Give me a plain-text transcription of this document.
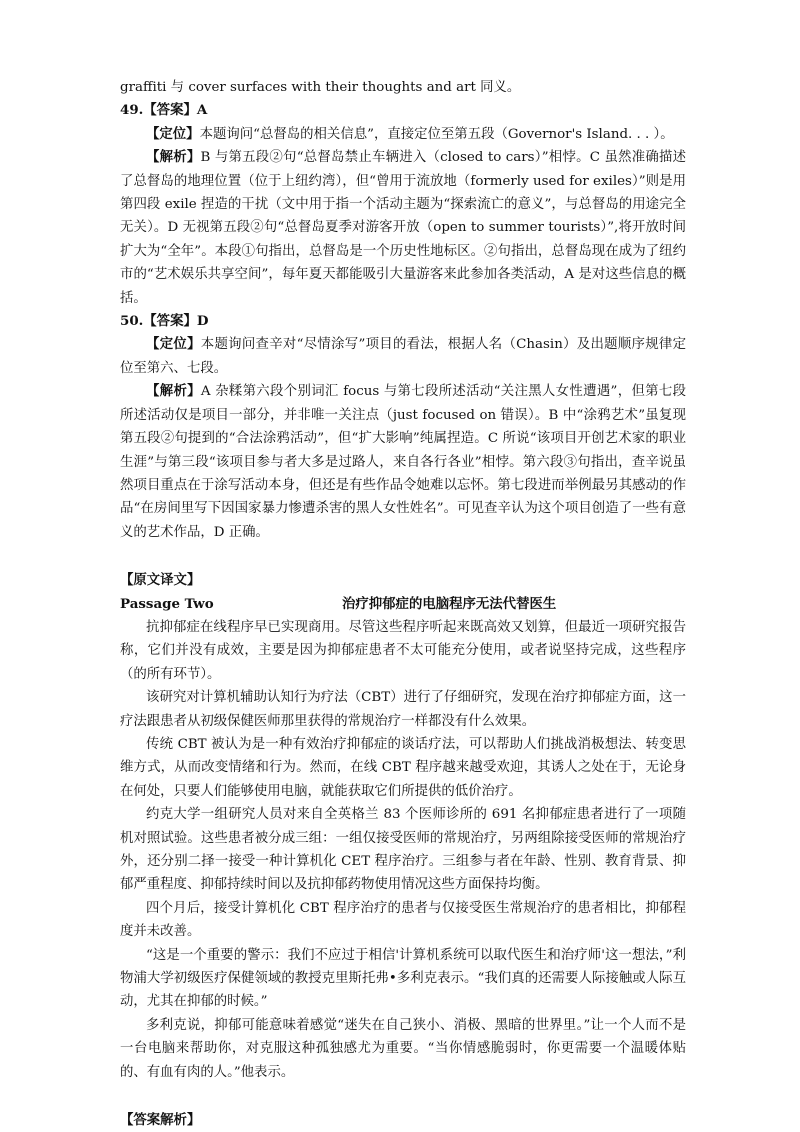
graffiti 与 cover surfaces with their thoughts and art 同义。

49.【答案】A

【定位】本题询问“总督岛的相关信息”，直接定位至第五段（Governor's Island. . . ）。

【解析】B 与第五段②句“总督岛禁止车辆进入（closed to cars）”相悖。C 虽然准确描述了总督岛的地理位置（位于上纽约湾），但“曾用于流放地（formerly used for exiles）”则是用第四段 exile 捏造的干扰（文中用于指一个活动主题为“探索流亡的意义”，与总督岛的用途完全无关）。D 无视第五段②句“总督岛夏季对游客开放（open to summer tourists）”,将开放时间扩大为“全年”。本段①句指出，总督岛是一个历史性地标区。②句指出，总督岛现在成为了纽约市的“艺术娱乐共享空间”，每年夏天都能吸引大量游客来此参加各类活动，A 是对这些信息的概括。

50.【答案】D

【定位】本题询问查辛对“尽情涂写”项目的看法，根据人名（Chasin）及出题顺序规律定位至第六、七段。

【解析】A 杂糅第六段个别词汇 focus 与第七段所述活动“关注黑人女性遭遇”，但第七段所述活动仅是项目一部分，并非唯一关注点（just focused on 错误）。B 中“涂鸦艺术”虽复现第五段②句提到的“合法涂鸦活动”，但“扩大影响”纯属捏造。C 所说“该项目开创艺术家的职业生涯”与第三段“该项目参与者大多是过路人，来自各行各业”相悖。第六段③句指出，查辛说虽然项目重点在于涂写活动本身，但还是有些作品令她难以忘怀。第七段进而举例最另其感动的作品“在房间里写下因国家暴力惨遭杀害的黑人女性姓名”。可见查辛认为这个项目创造了一些有意义的艺术作品，D 正确。

【原文译文】

Passage Two	治疗抑郁症的电脑程序无法代替医生

抗抑郁症在线程序早已实现商用。尽管这些程序听起来既高效又划算，但最近一项研究报告称，它们并没有成效，主要是因为抑郁症患者不太可能充分使用，或者说坚持完成，这些程序（的所有环节）。

该研究对计算机辅助认知行为疗法（CBT）进行了仔细研究，发现在治疗抑郁症方面，这一疗法跟患者从初级保健医师那里获得的常规治疗一样都没有什么效果。

传统 CBT 被认为是一种有效治疗抑郁症的谈话疗法，可以帮助人们挑战消极想法、转变思维方式，从而改变情绪和行为。然而，在线 CBT 程序越来越受欢迎，其诱人之处在于，无论身在何处，只要人们能够使用电脑，就能获取它们所提供的低价治疗。

约克大学一组研究人员对来自全英格兰 83 个医师诊所的 691 名抑郁症患者进行了一项随机对照试验。这些患者被分成三组：一组仅接受医师的常规治疗，另两组除接受医师的常规治疗外，还分别二择一接受一种计算机化 CET 程序治疗。三组参与者在年龄、性别、教育背景、抑郁严重程度、抑郁持续时间以及抗抑郁药物使用情况这些方面保持均衡。

四个月后，接受计算机化 CBT 程序治疗的患者与仅接受医生常规治疗的患者相比，抑郁程度并未改善。

“这是一个重要的警示：我们不应过于相信'计算机系统可以取代医生和治疗师'这一想法，”利物浦大学初级医疗保健领域的教授克里斯托弗•多利克表示。“我们真的还需要人际接触或人际互动，尤其在抑郁的时候。”

多利克说，抑郁可能意味着感觉“迷失在自己狭小、消极、黑暗的世界里。”让一个人而不是一台电脑来帮助你，对克服这种孤独感尤为重要。“当你情感脆弱时，你更需要一个温暖体贴的、有血有肉的人。”他表示。

【答案解析】
